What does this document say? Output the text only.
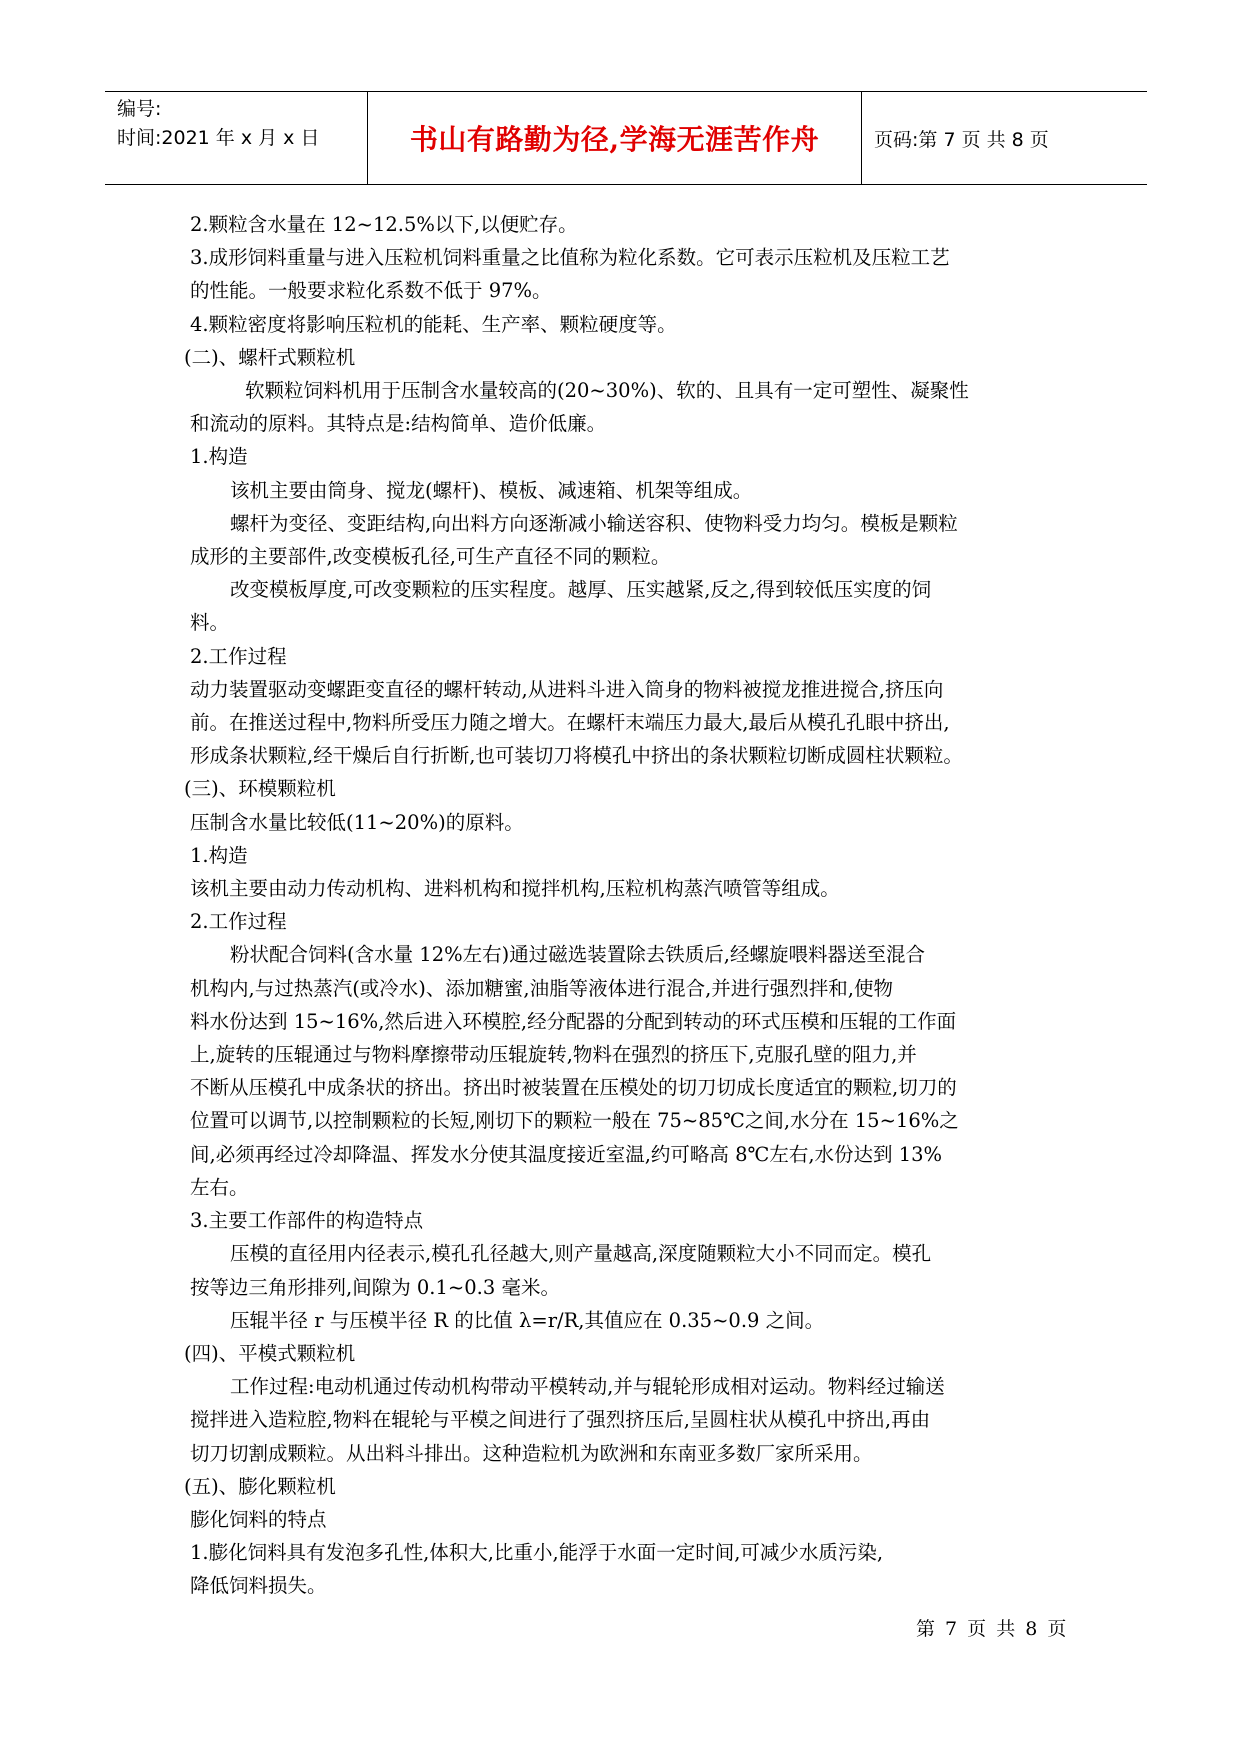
编号:
时间:2021 年 x 月 x 日	书山有路勤为径,学海无涯苦作舟	页码:第 7 页 共 8 页

2.颗粒含水量在 12~12.5%以下,以便贮存。

3.成形饲料重量与进入压粒机饲料重量之比值称为粒化系数。它可表示压粒机及压粒工艺

的性能。一般要求粒化系数不低于 97%。

4.颗粒密度将影响压粒机的能耗、生产率、颗粒硬度等。

(二)、螺杆式颗粒机

软颗粒饲料机用于压制含水量较高的(20~30%)、软的、且具有一定可塑性、凝聚性

和流动的原料。其特点是:结构简单、造价低廉。

1.构造

该机主要由筒身、搅龙(螺杆)、模板、减速箱、机架等组成。

螺杆为变径、变距结构,向出料方向逐渐减小输送容积、使物料受力均匀。模板是颗粒

成形的主要部件,改变模板孔径,可生产直径不同的颗粒。

改变模板厚度,可改变颗粒的压实程度。越厚、压实越紧,反之,得到较低压实度的饲

料。

2.工作过程

动力装置驱动变螺距变直径的螺杆转动,从进料斗进入筒身的物料被搅龙推进搅合,挤压向

前。在推送过程中,物料所受压力随之增大。在螺杆末端压力最大,最后从模孔孔眼中挤出,

形成条状颗粒,经干燥后自行折断,也可装切刀将模孔中挤出的条状颗粒切断成圆柱状颗粒。

(三)、环模颗粒机

压制含水量比较低(11~20%)的原料。

1.构造

该机主要由动力传动机构、进料机构和搅拌机构,压粒机构蒸汽喷管等组成。

2.工作过程

粉状配合饲料(含水量 12%左右)通过磁选装置除去铁质后,经螺旋喂料器送至混合

机构内,与过热蒸汽(或冷水)、添加糖蜜,油脂等液体进行混合,并进行强烈拌和,使物

料水份达到 15~16%,然后进入环模腔,经分配器的分配到转动的环式压模和压辊的工作面

上,旋转的压辊通过与物料摩擦带动压辊旋转,物料在强烈的挤压下,克服孔壁的阻力,并

不断从压模孔中成条状的挤出。挤出时被装置在压模处的切刀切成长度适宜的颗粒,切刀的

位置可以调节,以控制颗粒的长短,刚切下的颗粒一般在 75~85℃之间,水分在 15~16%之

间,必须再经过冷却降温、挥发水分使其温度接近室温,约可略高 8℃左右,水份达到 13%

左右。

3.主要工作部件的构造特点

压模的直径用内径表示,模孔孔径越大,则产量越高,深度随颗粒大小不同而定。模孔

按等边三角形排列,间隙为 0.1~0.3 毫米。

压辊半径 r 与压模半径 R 的比值 λ=r/R,其值应在 0.35~0.9 之间。

(四)、平模式颗粒机

工作过程:电动机通过传动机构带动平模转动,并与辊轮形成相对运动。物料经过输送

搅拌进入造粒腔,物料在辊轮与平模之间进行了强烈挤压后,呈圆柱状从模孔中挤出,再由

切刀切割成颗粒。从出料斗排出。这种造粒机为欧洲和东南亚多数厂家所采用。

(五)、膨化颗粒机

膨化饲料的特点

1.膨化饲料具有发泡多孔性,体积大,比重小,能浮于水面一定时间,可减少水质污染,

降低饲料损失。

第 7 页 共 8 页
